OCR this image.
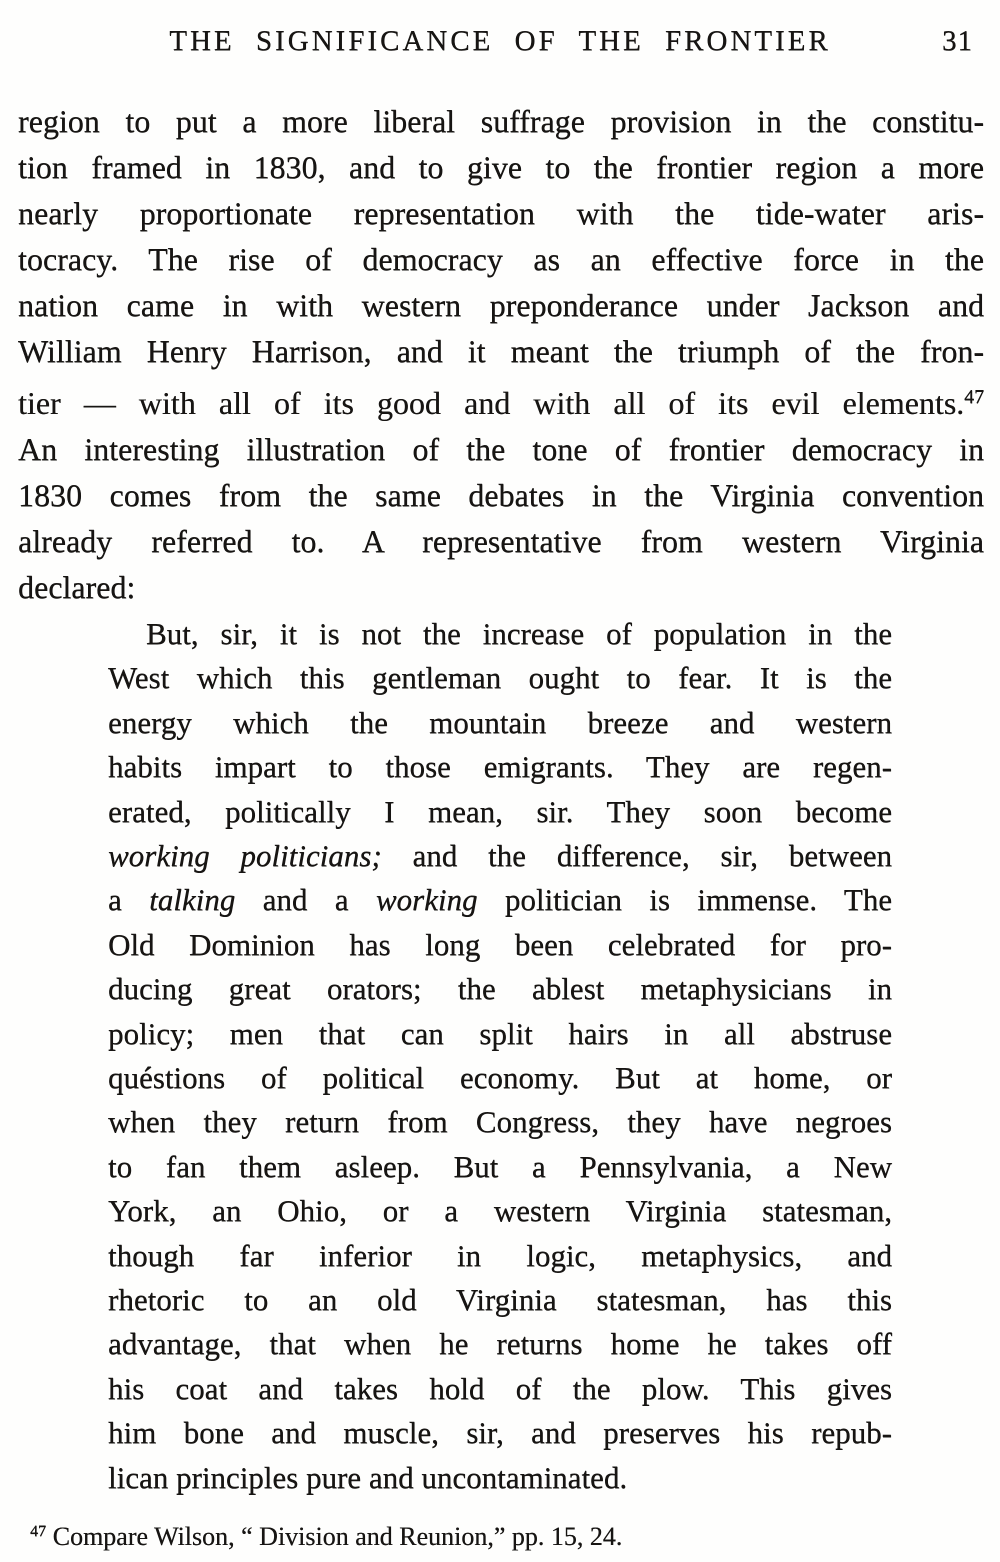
THE SIGNIFICANCE OF THE FRONTIER	31
region to put a more liberal suffrage provision in the constitu-
tion framed in 1830, and to give to the frontier region a more
nearly proportionate representation with the tide-water aris-
tocracy. The rise of democracy as an effective force in the
nation came in with western preponderance under Jackson and
William Henry Harrison, and it meant the triumph of the fron-
tier — with all of its good and with all of its evil elements.$^{47}$
An interesting illustration of the tone of frontier democracy in
1830 comes from the same debates in the Virginia convention
already referred to. A representative from western Virginia
declared:
But, sir, it is not the increase of population in the
West which this gentleman ought to fear. It is the
energy which the mountain breeze and western
habits impart to those emigrants. They are regen-
erated, politically I mean, sir. They soon become
working politicians; and the difference, sir, between
a talking and a working politician is immense. The
Old Dominion has long been celebrated for pro-
ducing great orators; the ablest metaphysicians in
policy; men that can split hairs in all abstruse
quéstions of political economy. But at home, or
when they return from Congress, they have negroes
to fan them asleep. But a Pennsylvania, a New
York, an Ohio, or a western Virginia statesman,
though far inferior in logic, metaphysics, and
rhetoric to an old Virginia statesman, has this
advantage, that when he returns home he takes off
his coat and takes hold of the plow. This gives
him bone and muscle, sir, and preserves his repub-
lican principles pure and uncontaminated.
$^{47}$ Compare Wilson, “ Division and Reunion,” pp. 15, 24.
